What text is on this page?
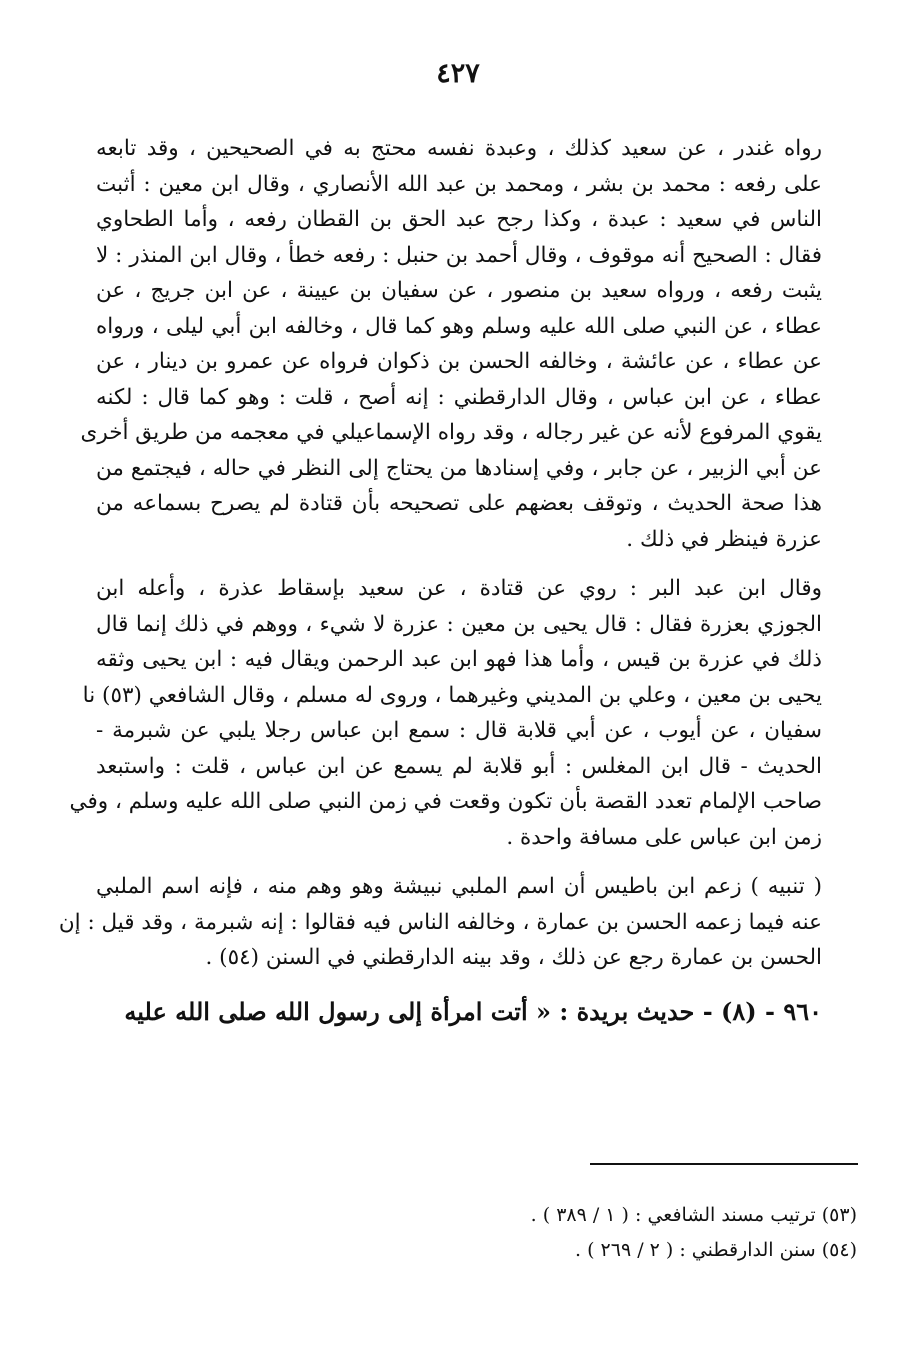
٤٢٧
رواه غندر ، عن سعيد كذلك ، وعبدة نفسه محتج به في الصحيحين ، وقد تابعه
على رفعه : محمد بن بشر ، ومحمد بن عبد الله الأنصاري ، وقال ابن معين : أثبت
الناس في سعيد : عبدة ، وكذا رجح عبد الحق بن القطان رفعه ، وأما الطحاوي
فقال : الصحيح أنه موقوف ، وقال أحمد بن حنبل : رفعه خطأ ، وقال ابن المنذر : لا
يثبت رفعه ، ورواه سعيد بن منصور ، عن سفيان بن عيينة ، عن ابن جريج ، عن
عطاء ، عن النبي صلى الله عليه وسلم وهو كما قال ، وخالفه ابن أبي ليلى ، ورواه
عن عطاء ، عن عائشة ، وخالفه الحسن بن ذكوان فرواه عن عمرو بن دينار ، عن
عطاء ، عن ابن عباس ، وقال الدارقطني : إنه أصح ، قلت : وهو كما قال : لكنه
يقوي المرفوع لأنه عن غير رجاله ، وقد رواه الإسماعيلي في معجمه من طريق أخرى
عن أبي الزبير ، عن جابر ، وفي إسنادها من يحتاج إلى النظر في حاله ، فيجتمع من
هذا صحة الحديث ، وتوقف بعضهم على تصحيحه بأن قتادة لم يصرح بسماعه من
عزرة فينظر في ذلك .
وقال ابن عبد البر : روي عن قتادة ، عن سعيد بإسقاط عذرة ، وأعله ابن
الجوزي بعزرة فقال : قال يحيى بن معين : عزرة لا شيء ، ووهم في ذلك إنما قال
ذلك في عزرة بن قيس ، وأما هذا فهو ابن عبد الرحمن ويقال فيه : ابن يحيى وثقه
يحيى بن معين ، وعلي بن المديني وغيرهما ، وروى له مسلم ، وقال الشافعي (٥٣) نا
سفيان ، عن أيوب ، عن أبي قلابة قال : سمع ابن عباس رجلا يلبي عن شبرمة -
الحديث - قال ابن المغلس : أبو قلابة لم يسمع عن ابن عباس ، قلت : واستبعد
صاحب الإلمام تعدد القصة بأن تكون وقعت في زمن النبي صلى الله عليه وسلم ، وفي
زمن ابن عباس على مسافة واحدة .
( تنبيه ) زعم ابن باطيس أن اسم الملبي نبيشة وهو وهم منه ، فإنه اسم الملبي
عنه فيما زعمه الحسن بن عمارة ، وخالفه الناس فيه فقالوا : إنه شبرمة ، وقد قيل : إن
الحسن بن عمارة رجع عن ذلك ، وقد بينه الدارقطني في السنن (٥٤) .
٩٦٠ - (٨) - حديث بريدة : « أتت امرأة إلى رسول الله صلى الله عليه
(٥٣) ترتيب مسند الشافعي : ( ١ / ٣٨٩ ) .
(٥٤) سنن الدارقطني : ( ٢ / ٢٦٩ ) .
